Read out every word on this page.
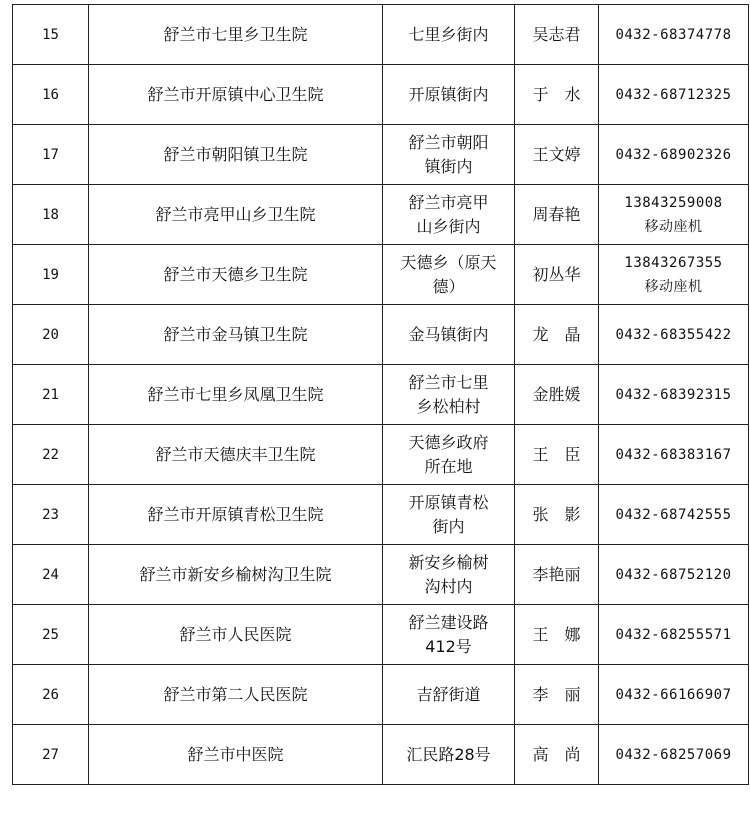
15	舒兰市七里乡卫生院	七里乡街内	吴志君	0432-68374778

16	舒兰市开原镇中心卫生院	开原镇街内	于　水	0432-68712325

17	舒兰市朝阳镇卫生院	舒兰市朝阳
镇街内	王文婷	0432-68902326

18	舒兰市亮甲山乡卫生院	舒兰市亮甲
山乡街内	周春艳	13843259008
移动座机

19	舒兰市天德乡卫生院	天德乡（原天
德）	初丛华	13843267355
移动座机

20	舒兰市金马镇卫生院	金马镇街内	龙　晶	0432-68355422

21	舒兰市七里乡凤凰卫生院	舒兰市七里
乡松柏村	金胜媛	0432-68392315

22	舒兰市天德庆丰卫生院	天德乡政府
所在地	王　臣	0432-68383167

23	舒兰市开原镇青松卫生院	开原镇青松
街内	张　影	0432-68742555

24	舒兰市新安乡榆树沟卫生院	新安乡榆树
沟村内	李艳丽	0432-68752120

25	舒兰市人民医院	舒兰建设路
412号	王　娜	0432-68255571

26	舒兰市第二人民医院	吉舒街道	李　丽	0432-66166907

27	舒兰市中医院	汇民路28号	高　尚	0432-68257069
